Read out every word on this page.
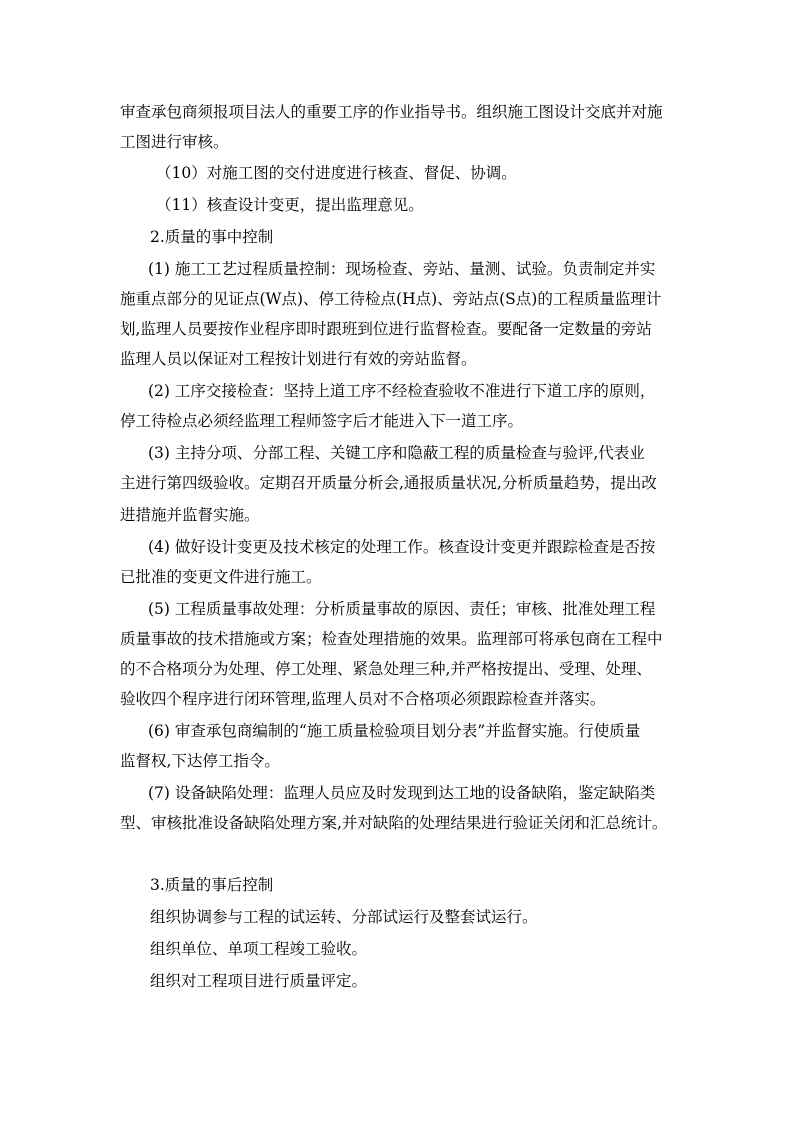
审查承包商须报项目法人的重要工序的作业指导书。组织施工图设计交底并对施
工图进行审核。
（10）对施工图的交付进度进行核查、督促、协调。
（11）核查设计变更，提出监理意见。
2.质量的事中控制
(1) 施工工艺过程质量控制：现场检查、旁站、量测、试验。负责制定并实
施重点部分的见证点(W点)、停工待检点(H点)、旁站点(S点)的工程质量监理计
划,监理人员要按作业程序即时跟班到位进行监督检查。要配备一定数量的旁站
监理人员以保证对工程按计划进行有效的旁站监督。
(2) 工序交接检查：坚持上道工序不经检查验收不准进行下道工序的原则，
停工待检点必须经监理工程师签字后才能进入下一道工序。
(3) 主持分项、分部工程、关键工序和隐蔽工程的质量检查与验评,代表业
主进行第四级验收。定期召开质量分析会,通报质量状况,分析质量趋势，提出改
进措施并监督实施。
(4) 做好设计变更及技术核定的处理工作。核查设计变更并跟踪检查是否按
已批准的变更文件进行施工。
(5) 工程质量事故处理：分析质量事故的原因、责任；审核、批准处理工程
质量事故的技术措施或方案；检查处理措施的效果。监理部可将承包商在工程中
的不合格项分为处理、停工处理、紧急处理三种,并严格按提出、受理、处理、
验收四个程序进行闭环管理,监理人员对不合格项必须跟踪检查并落实。
(6) 审查承包商编制的“施工质量检验项目划分表”并监督实施。行使质量
监督权,下达停工指令。
(7) 设备缺陷处理：监理人员应及时发现到达工地的设备缺陷，鉴定缺陷类
型、审核批准设备缺陷处理方案,并对缺陷的处理结果进行验证关闭和汇总统计。
3.质量的事后控制
组织协调参与工程的试运转、分部试运行及整套试运行。
组织单位、单项工程竣工验收。
组织对工程项目进行质量评定。
